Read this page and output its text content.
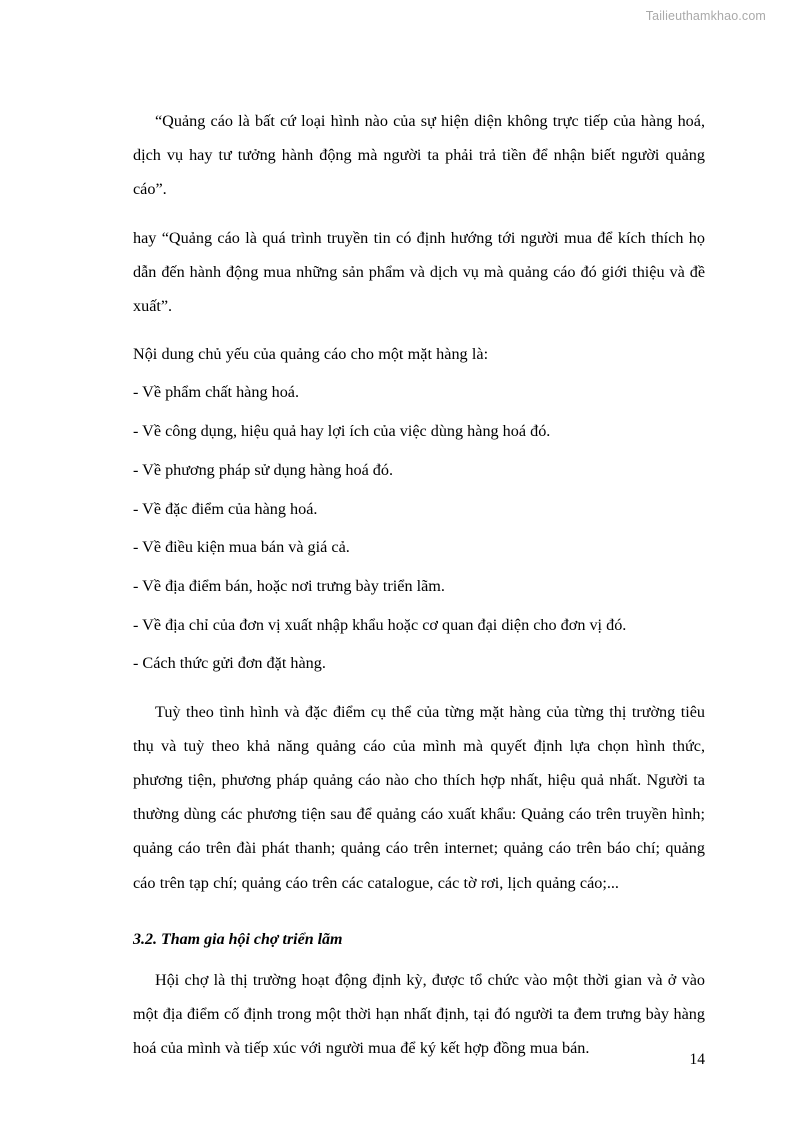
Tailieuthamkhao.com

“Quảng cáo là bất cứ loại hình nào của sự hiện diện không trực tiếp của hàng hoá, dịch vụ hay tư tưởng hành động mà người ta phải trả tiền để nhận biết người quảng cáo”.

hay “Quảng cáo là quá trình truyền tin có định hướng tới người mua để kích thích họ dẫn đến hành động mua những sản phẩm và dịch vụ mà quảng cáo đó giới thiệu và đề xuất”.

Nội dung chủ yếu của quảng cáo cho một mặt hàng là:

- Về phẩm chất hàng hoá.

- Về công dụng, hiệu quả hay lợi ích của việc dùng hàng hoá đó.

- Về phương pháp sử dụng hàng hoá đó.

- Về đặc điểm của hàng hoá.

- Về điều kiện mua bán và giá cả.

- Về địa điểm bán, hoặc nơi trưng bày triển lãm.

- Về địa chỉ của đơn vị xuất nhập khẩu hoặc cơ quan đại diện cho đơn vị đó.

- Cách thức gửi đơn đặt hàng.

Tuỳ theo tình hình và đặc điểm cụ thể của từng mặt hàng của từng thị trường tiêu thụ và tuỳ theo khả năng quảng cáo của mình mà quyết định lựa chọn hình thức, phương tiện, phương pháp quảng cáo nào cho thích hợp nhất, hiệu quả nhất. Người ta thường dùng các phương tiện sau để quảng cáo xuất khẩu: Quảng cáo trên truyền hình; quảng cáo trên đài phát thanh; quảng cáo trên internet; quảng cáo trên báo chí; quảng cáo trên tạp chí; quảng cáo trên các catalogue, các tờ rơi, lịch quảng cáo;...

3.2. Tham gia hội chợ triển lãm

Hội chợ là thị trường hoạt động định kỳ, được tổ chức vào một thời gian và ở vào một địa điểm cố định trong một thời hạn nhất định, tại đó người ta đem trưng bày hàng hoá của mình và tiếp xúc với người mua để ký kết hợp đồng mua bán.

14
